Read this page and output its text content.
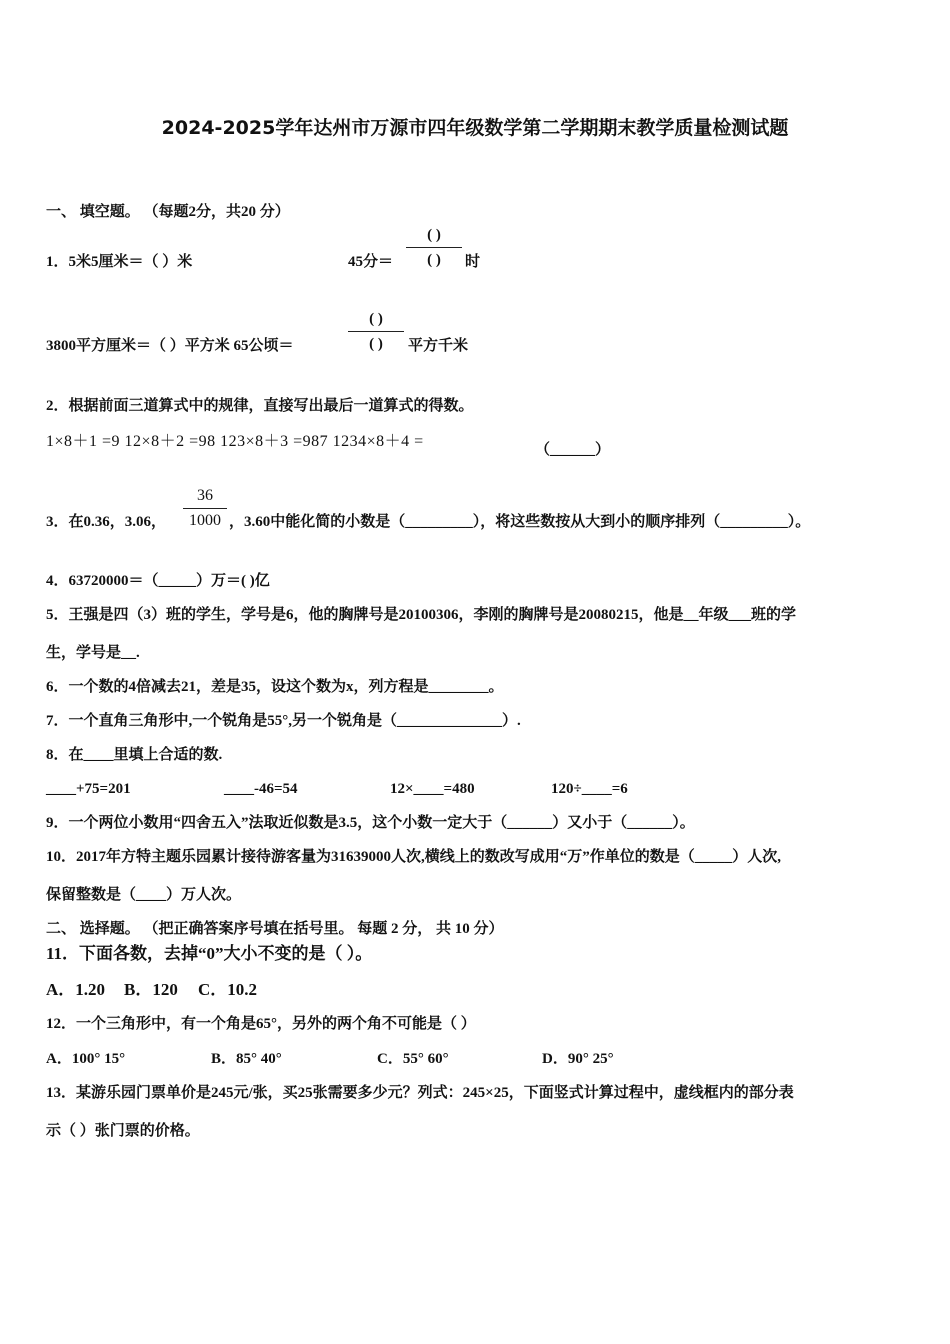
2024-2025学年达州市万源市四年级数学第二学期期末教学质量检测试题
一、 填空题。 （每题2分，共20 分）
1．5米5厘米＝（ ）米	45分＝
( )
( )	时
3800平方厘米＝（ ）平方米 65公顷＝
( )
( )	平方千米
2．根据前面三道算式中的规律，直接写出最后一道算式的得数。
1×8＋1 =9 12×8＋2 =98 123×8＋3 =987 1234×8＋4 =	（______）
3．在0.36，3.06，
36
1000 ，3.60中能化简的小数是（_________），将这些数按从大到小的顺序排列（_________）。
4．63720000＝（_____）万＝( )亿
5．王强是四（3）班的学生，学号是6，他的胸牌号是20100306，李刚的胸牌号是20080215，他是__年级___班的学
生，学号是__.
6．一个数的4倍减去21，差是35，设这个数为x，列方程是________。
7．一个直角三角形中,一个锐角是55°,另一个锐角是（______________）.
8．在____里填上合适的数.
____+75=201	____-46=54	12×____=480	120÷____=6
9．一个两位小数用“四舍五入”法取近似数是3.5，这个小数一定大于（______）又小于（______）。
10．2017年方特主题乐园累计接待游客量为31639000人次,横线上的数改写成用“万”作单位的数是（_____）人次,
保留整数是（____）万人次。
二、 选择题。 （把正确答案序号填在括号里。 每题 2 分， 共 10 分）
11．下面各数，去掉“0”大小不变的是（ ）。
A．1.20 B．120 C．10.2
12．一个三角形中，有一个角是65°，另外的两个角不可能是（ ）
A．100° 15°	B．85° 40°	C．55° 60°	D．90° 25°
13．某游乐园门票单价是245元/张，买25张需要多少元？列式：245×25，下面竖式计算过程中，虚线框内的部分表
示（ ）张门票的价格。
